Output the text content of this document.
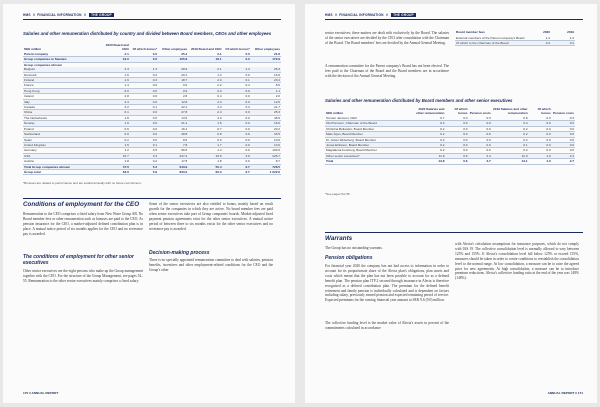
HMS  //  FINANCIAL INFORMATION  // THE GROUP
Salaries and other remuneration distributed by country and divided between Board members, CEOs and other employees
SEK million	2020 Board and CEO	Of which bonus*	Other employees	2019 Board and CEO	Of which bonus*	Other employees
Parent company	2.1	0.0	25.4	2.1	0.0	21.8
Group companies in Sweden	19.0	0.6	165.8	19.1	0.0	172.9
Group companies abroad						
Belgium	2.3	1.3	28.9	2.1	1.4	26.3
Denmark	1.6	0.2	20.1	1.4	0.0	16.9
Finland	1.9	0.3	18.7	2.0	0.1	23.4
France	1.4	0.0	9.6	2.2	0.4	8.6
Hong Kong	0.0	0.0	0.9	0.0	0.0	1.1
Ireland	2.8	0.0	2.8	0.4	0.0	2.0
Italy	2.4	0.0	12.8	2.4	0.0	12.6
Canada	3.2	0.1	22.1	4.4	0.3	21.7
China	0.1	0.0	27.8	2.4	0.0	25.3
The Netherlands	1.8	0.0	13.5	4.0	0.0	48.9
Norway	1.6	0.0	21.1	1.5	0.0	16.0
Poland	0.6	0.0	16.1	0.7	0.0	20.2
Switzerland	0.9	0.0	28.8	0.8	0.0	33.5
Spain	0.2	0.0	8.5	0.0	0.0	10.9
United Kingdom	1.5	0.1	7.8	1.7	0.0	10.0
Germany	1.2	0.5	98.3	1.4	0.0	100.9
USA	15.7	3.3	227.2	19.5	3.9	225.7
Austria	1.8	0.2	17.8	1.8	0.0	8.7
Total Group companies abroad	47.6	5.2	643.9	50.4	6.7	728.5
Group total	63.6	5.9	833.2	66.3	6.7	1 022.6
*Bonuses are related to performance and are settled annually with no future commitment.
Conditions of employment for the CEO
Remuneration to the CEO comprises a fixed salary from New Wave Group AB. No Board member fees or other remuneration such as bonuses are paid to the CEO. As pension insurance for the CEO, a market-adjusted defined contribution plan is in place. A mutual notice period of six months applies for the CEO and no severance pay is awarded.
The conditions of employment for other senior executives
Other senior executives are the eight persons who make up the Group management together with the CEO. For the structure of the Group Management, see pages 54–55. Remuneration to the other senior executives mainly comprises a fixed salary.
Some of the senior executives are also entitled to bonus, mainly based on result growth for the companies in which they are active. No board member fees are paid when senior executives take part of Group companies' boards. Market-adjusted fixed payment pension agreements exist for the other senior executives. A mutual notice period of between three to six months exists for the other senior executives and no severance pay is awarded.
Decision-making process
There is no specially appointed remuneration committee to deal with salaries, pension benefits, incentives and other employment-related conditions for the CEO and the Group's other
170 // ANNUAL REPORT
HMS  //  FINANCIAL INFORMATION  // THE GROUP
senior executives; these matters are dealt with exclusively by the Board. The salaries of the senior executives are decided by the CEO after consultation with the Chairman of the Board. The Board members' fees are decided by the Annual General Meeting.
A remuneration committee for the Parent company's Board has not been elected. The fees paid to the Chairman of the Board and the Board members are in accordance with the decision of the Annual General Meeting.
Board member fees	2020	2019
External members of the Parent company's Board	1.4	1.3
Of which to the Chairman of the Board	0.4	0.4
Salaries and other remuneration distributed by Board members and other senior executives
SEK million	2020 Salaries and other remuneration	Of which bonus	Pension costs	2019 Salaries and other remuneration	Of which bonus	Pension costs
Torsten Jansson, CEO	0.7	0.0	0.3	0.8	0.0	0.3
Olof Persson, Chairman of the Board	0.4	0.0	0.0	0.4	0.0	0.0
Christina Bellander, Board Member	0.2	0.0	0.0	0.2	0.0	0.0
Mats Årjes, Board Member	0.2	0.0	0.0	0.2	0.0	0.0
M. Johan Widerberg, Board Member	0.2	0.0	0.0	0.2	0.0	0.0
Jonas Eriksson, Board Member	0.2	0.0	0.0	0.1	0.0	0.0
Magdalena Forsberg, Board Member	0.2	0.0	0.0	0.2	0.0	0.0
Other senior executives*	11.8	0.6	2.4	12.0	1.0	2.4
Total	13.8	0.6	2.7	14.1	1.0	2.7
*See pages 54–55.
Warrants
The Group has no outstanding warrants.
Pension obligations
For financial year 2020 the company has not had access to information in order to account for its proportionate share of the Alecta plan's obligations, plan assets and costs which meant that the plan has not been possible to account for as a defined benefit plan. The pension plan ITP 2 secured through insurance in Alecta is therefore recognised as a defined contribution plan. The premium for the defined benefit retirement and family pension is individually calculated and is dependent on factors including salary, previously earned pension and expected remaining period of service. Expected premiums for the coming financial year amount to SEK 9.6 (9.0) million.
The collective funding level is the market value of Alecta's assets in percent of the commitments calculated in accordance
with Alecta's calculation assumptions for insurance purposes, which do not comply with IAS 19. The collective consolidation level is normally allowed to vary between 125% and 155%. If Alecta's consolidation level fall below 125% or exceed 155%, measures should be taken in order to create conditions to reestablish the consolidation level to the normal range. At low consolidation, a measure can be to raise the agreed price for new agreements. At high consolidation, a measure can be to introduce premium reductions. Alecta's collective funding ratio at the end of the year was 148% (148%).
ANNUAL REPORT // 171
